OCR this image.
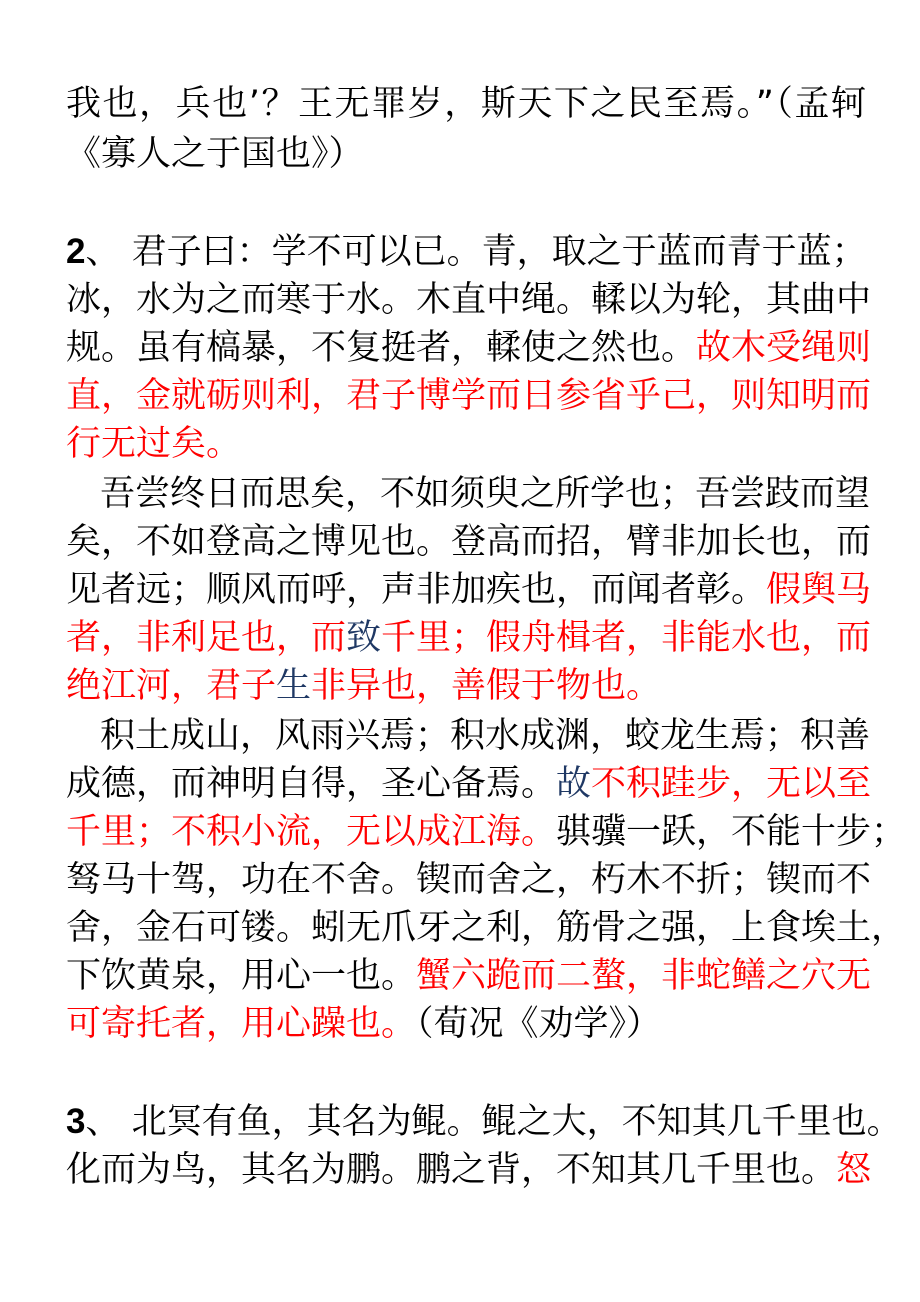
我也，兵也’？王无罪岁，斯天下之民至焉。”（孟轲
《寡人之于国也》）
2、 君子曰：学不可以已。青，取之于蓝而青于蓝；
冰，水为之而寒于水。木直中绳。輮以为轮，其曲中
规。虽有槁暴，不复挺者，輮使之然也。故木受绳则
直，金就砺则利，君子博学而日参省乎己，则知明而
行无过矣。
吾尝终日而思矣，不如须臾之所学也；吾尝跂而望
矣，不如登高之博见也。登高而招，臂非加长也，而
见者远；顺风而呼，声非加疾也，而闻者彰。假舆马
者，非利足也，而致千里；假舟楫者，非能水也，而
绝江河，君子生非异也，善假于物也。
积土成山，风雨兴焉；积水成渊，蛟龙生焉；积善
成德，而神明自得，圣心备焉。故不积跬步，无以至
千里；不积小流，无以成江海。骐骥一跃，不能十步；
驽马十驾，功在不舍。锲而舍之，朽木不折；锲而不
舍，金石可镂。蚓无爪牙之利，筋骨之强，上食埃土，
下饮黄泉，用心一也。蟹六跪而二螯，非蛇鳝之穴无
可寄托者，用心躁也。（荀况《劝学》）
3、 北冥有鱼，其名为鲲。鲲之大，不知其几千里也。
化而为鸟，其名为鹏。鹏之背，不知其几千里也。怒
